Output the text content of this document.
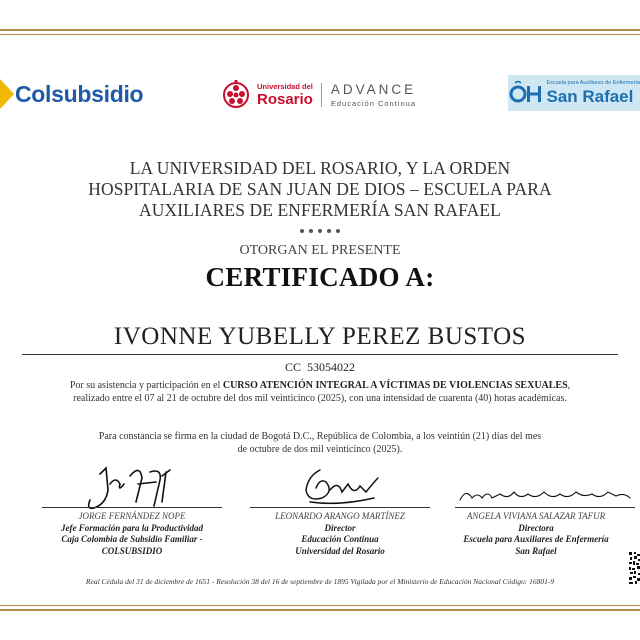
Colsubsidio	Universidad del
Rosario
ADVANCE
Educación Continua
Escuela para Auxiliares de Enfermería
San Rafael
LA UNIVERSIDAD DEL ROSARIO, Y LA ORDEN
HOSPITALARIA DE SAN JUAN DE DIOS – ESCUELA PARA
AUXILIARES DE ENFERMERÍA SAN RAFAEL
OTORGAN EL PRESENTE
CERTIFICADO A:
IVONNE YUBELLY PEREZ BUSTOS
CC 53054022
Por su asistencia y participación en el CURSO ATENCIÓN INTEGRAL A VÍCTIMAS DE VIOLENCIAS SEXUALES,
realizado entre el 07 al 21 de octubre del dos mil veinticinco (2025), con una intensidad de cuarenta (40) horas académicas.
Para constancia se firma en la ciudad de Bogotá D.C., República de Colombia, a los veintiún (21) días del mes
de octubre de dos mil veinticinco (2025).
JORGE FERNÁNDEZ NOPE
Jefe Formación para la Productividad
Caja Colombia de Subsidio Familiar -
COLSUBSIDIO
LEONARDO ARANGO MARTÍNEZ
Director
Educación Continua
Universidad del Rosario
ANGELA VIVIANA SALAZAR TAFUR
Directora
Escuela para Auxiliares de Enfermería
San Rafael
Real Cédula del 31 de diciembre de 1651 - Resolución 38 del 16 de septiembre de 1895 Vigilada por el Ministerio de Educación Nacional Código: 16801-9
